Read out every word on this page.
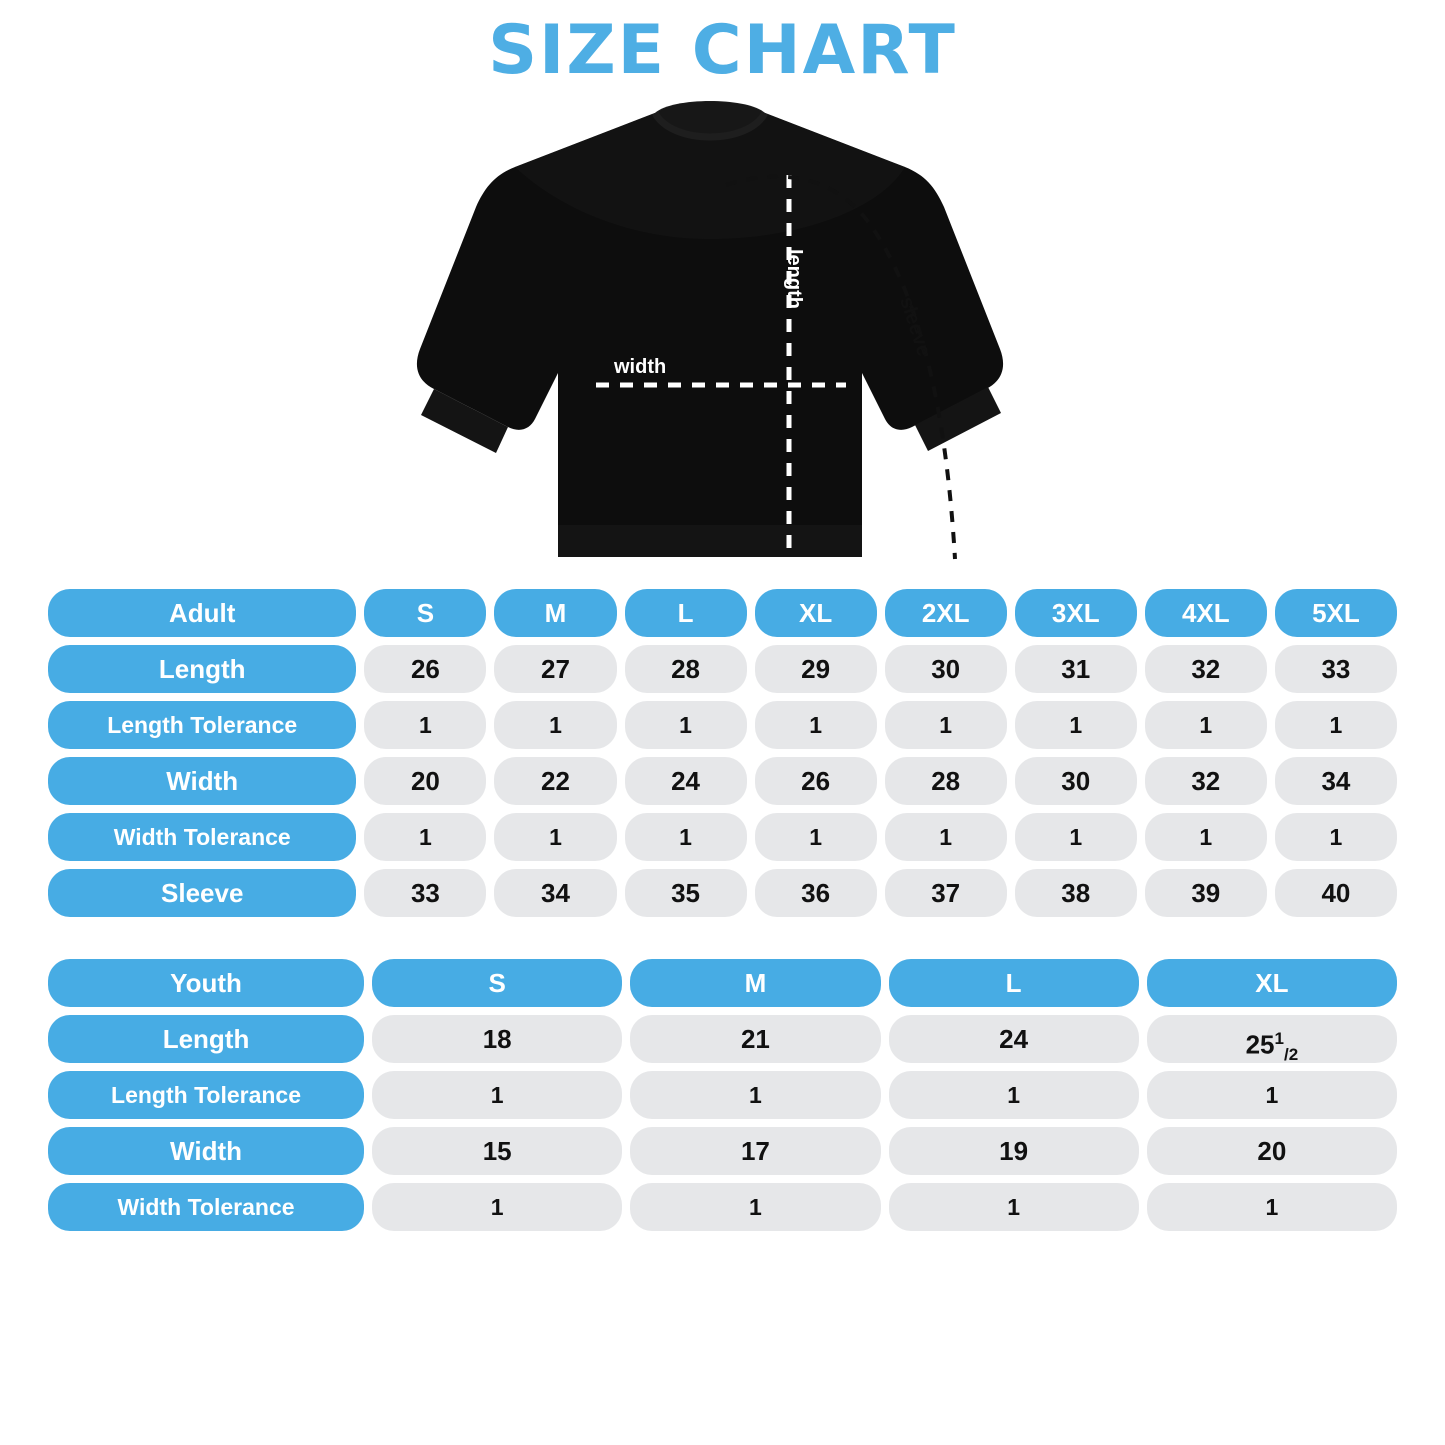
SIZE CHART
width
length
sleeve
Adult	S	M	L	XL	2XL	3XL	4XL	5XL

Length	26	27	28	29	30	31	32	33

Length Tolerance	1	1	1	1	1	1	1	1

Width	20	22	24	26	28	30	32	34

Width Tolerance	1	1	1	1	1	1	1	1

Sleeve	33	34	35	36	37	38	39	40
Youth	S	M	L	XL

Length	18	21	24	$25^1_{/2}$

Length Tolerance	1	1	1	1

Width	15	17	19	20

Width Tolerance	1	1	1	1
